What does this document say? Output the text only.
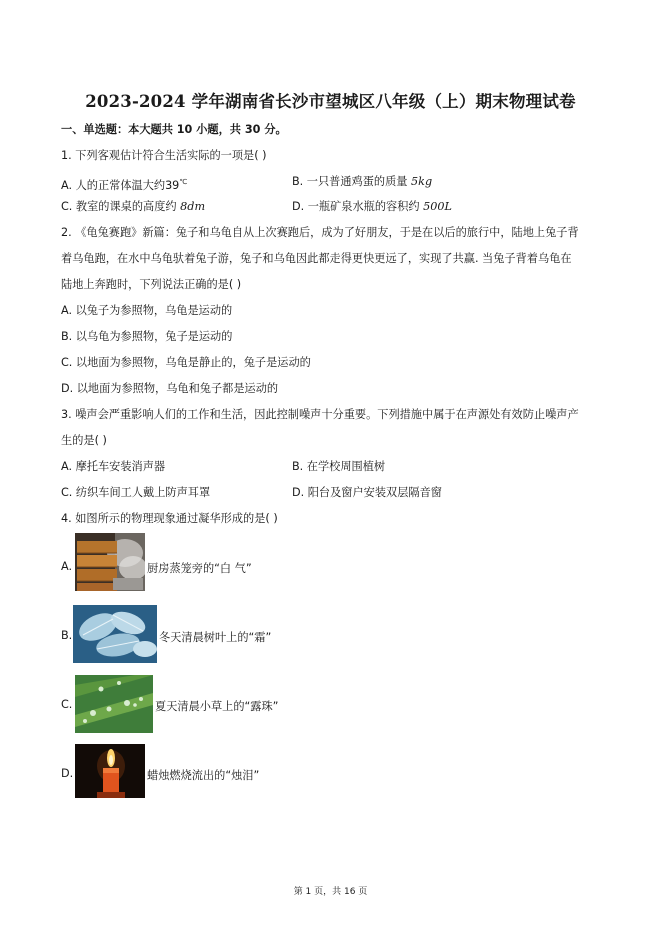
2023-2024 学年湖南省长沙市望城区八年级（上）期末物理试卷
一、单选题：本大题共 10 小题，共 30 分。
1. 下列客观估计符合生活实际的一项是( )
A. 人的正常体温大约39℃	B. 一只普通鸡蛋的质量 5kg
C. 教室的课桌的高度约 8dm	D. 一瓶矿泉水瓶的容积约 500L
2. 《龟兔赛跑》新篇：兔子和乌龟自从上次赛跑后，成为了好朋友，于是在以后的旅行中，陆地上兔子背
着乌龟跑，在水中乌龟驮着兔子游，兔子和乌龟因此都走得更快更远了，实现了共赢. 当兔子背着乌龟在
陆地上奔跑时，下列说法正确的是( )
A. 以兔子为参照物，乌龟是运动的
B. 以乌龟为参照物，兔子是运动的
C. 以地面为参照物，乌龟是静止的，兔子是运动的
D. 以地面为参照物，乌龟和兔子都是运动的
3. 噪声会严重影响人们的工作和生活，因此控制噪声十分重要。下列措施中属于在声源处有效防止噪声产
生的是( )
A. 摩托车安装消声器	B. 在学校周围植树
C. 纺织车间工人戴上防声耳罩	D. 阳台及窗户安装双层隔音窗
4. 如图所示的物理现象通过凝华形成的是( )
A.	厨房蒸笼旁的“白 气”
B.	冬天清晨树叶上的“霜”
C.	夏天清晨小草上的“露珠”
D.	蜡烛燃烧流出的“烛泪”
第 1 页，共 16 页
